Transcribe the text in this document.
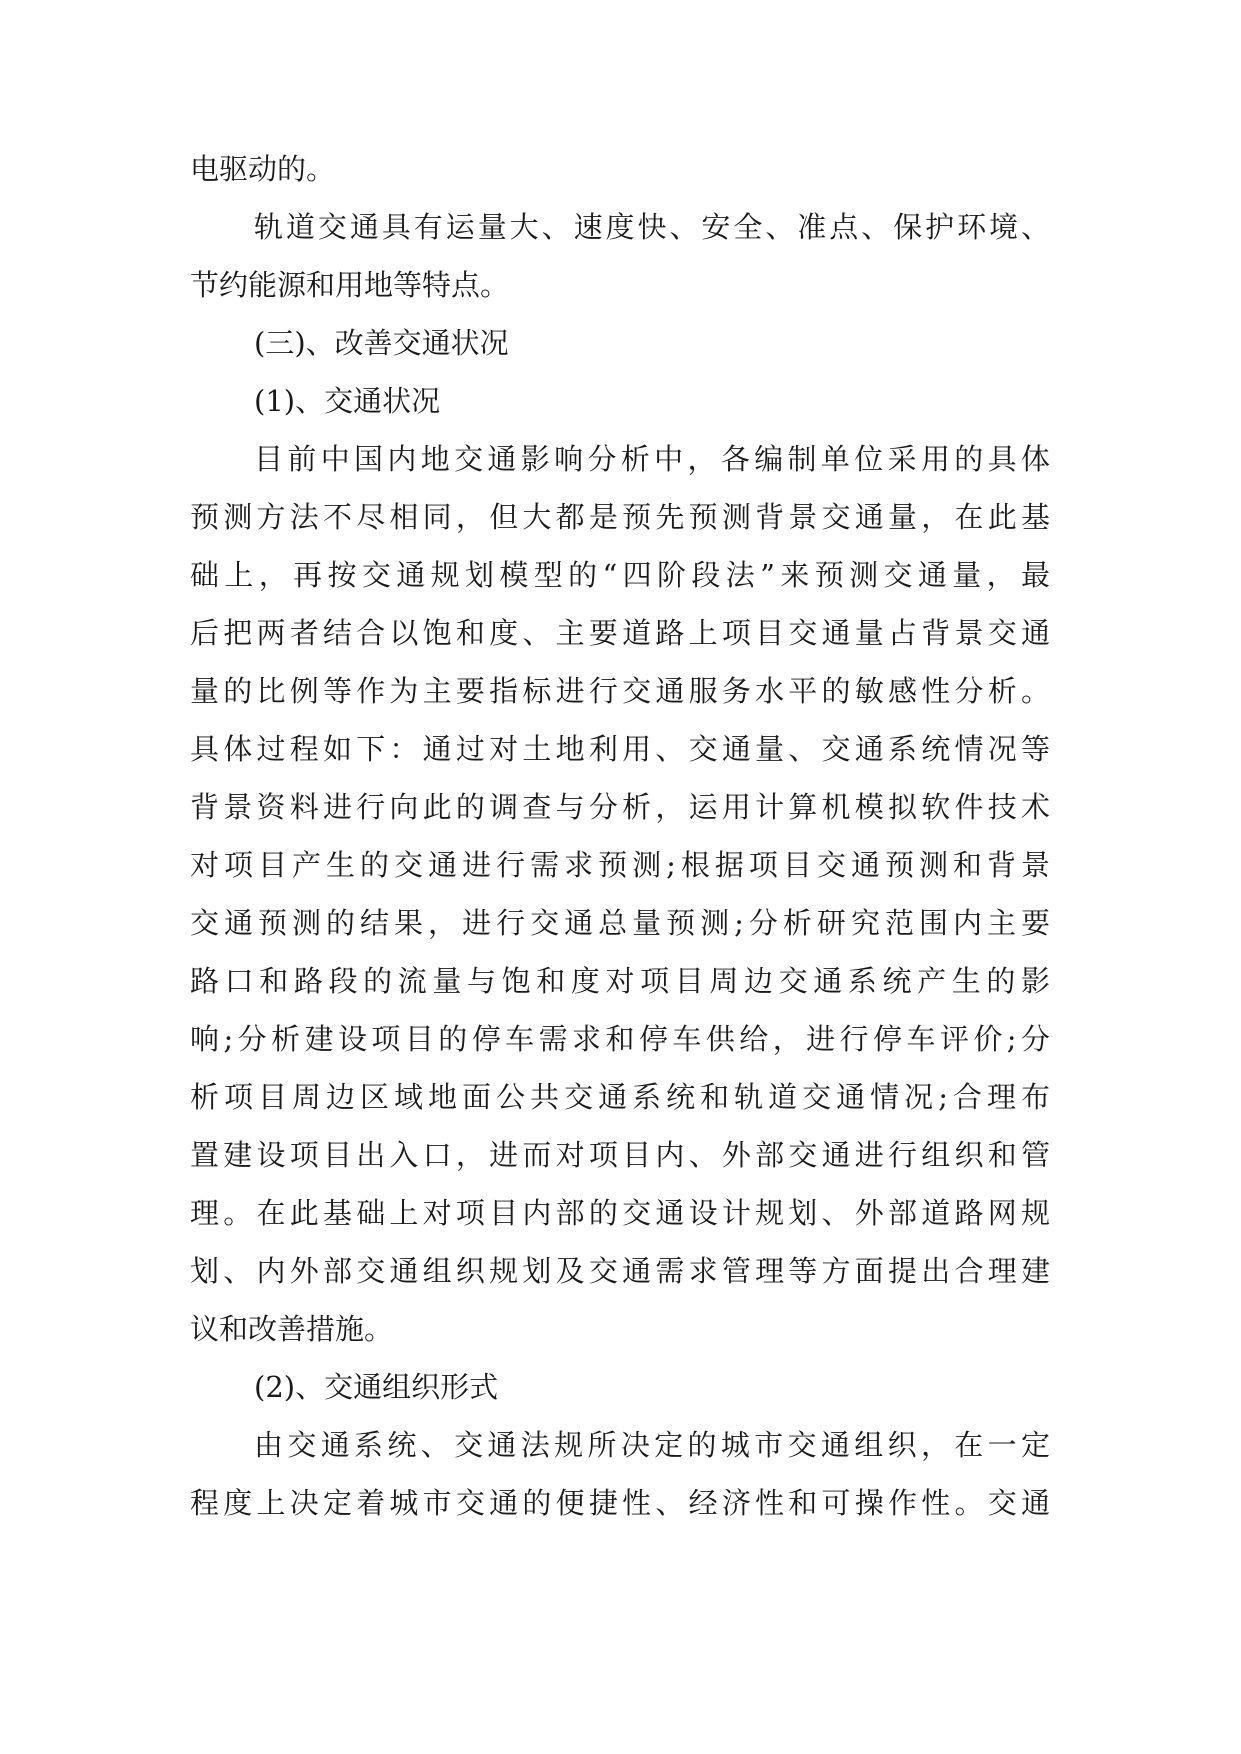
电驱动的。
轨道交通具有运量大、速度快、安全、准点、保护环境、
节约能源和用地等特点。
(三)、改善交通状况
(1)、交通状况
目前中国内地交通影响分析中，各编制单位采用的具体
预测方法不尽相同，但大都是预先预测背景交通量，在此基
础上，再按交通规划模型的“四阶段法”来预测交通量，最
后把两者结合以饱和度、主要道路上项目交通量占背景交通
量的比例等作为主要指标进行交通服务水平的敏感性分析。
具体过程如下：通过对土地利用、交通量、交通系统情况等
背景资料进行向此的调查与分析，运用计算机模拟软件技术
对项目产生的交通进行需求预测;根据项目交通预测和背景
交通预测的结果，进行交通总量预测;分析研究范围内主要
路口和路段的流量与饱和度对项目周边交通系统产生的影
响;分析建设项目的停车需求和停车供给，进行停车评价;分
析项目周边区域地面公共交通系统和轨道交通情况;合理布
置建设项目出入口，进而对项目内、外部交通进行组织和管
理。在此基础上对项目内部的交通设计规划、外部道路网规
划、内外部交通组织规划及交通需求管理等方面提出合理建
议和改善措施。
(2)、交通组织形式
由交通系统、交通法规所决定的城市交通组织，在一定
程度上决定着城市交通的便捷性、经济性和可操作性。交通
